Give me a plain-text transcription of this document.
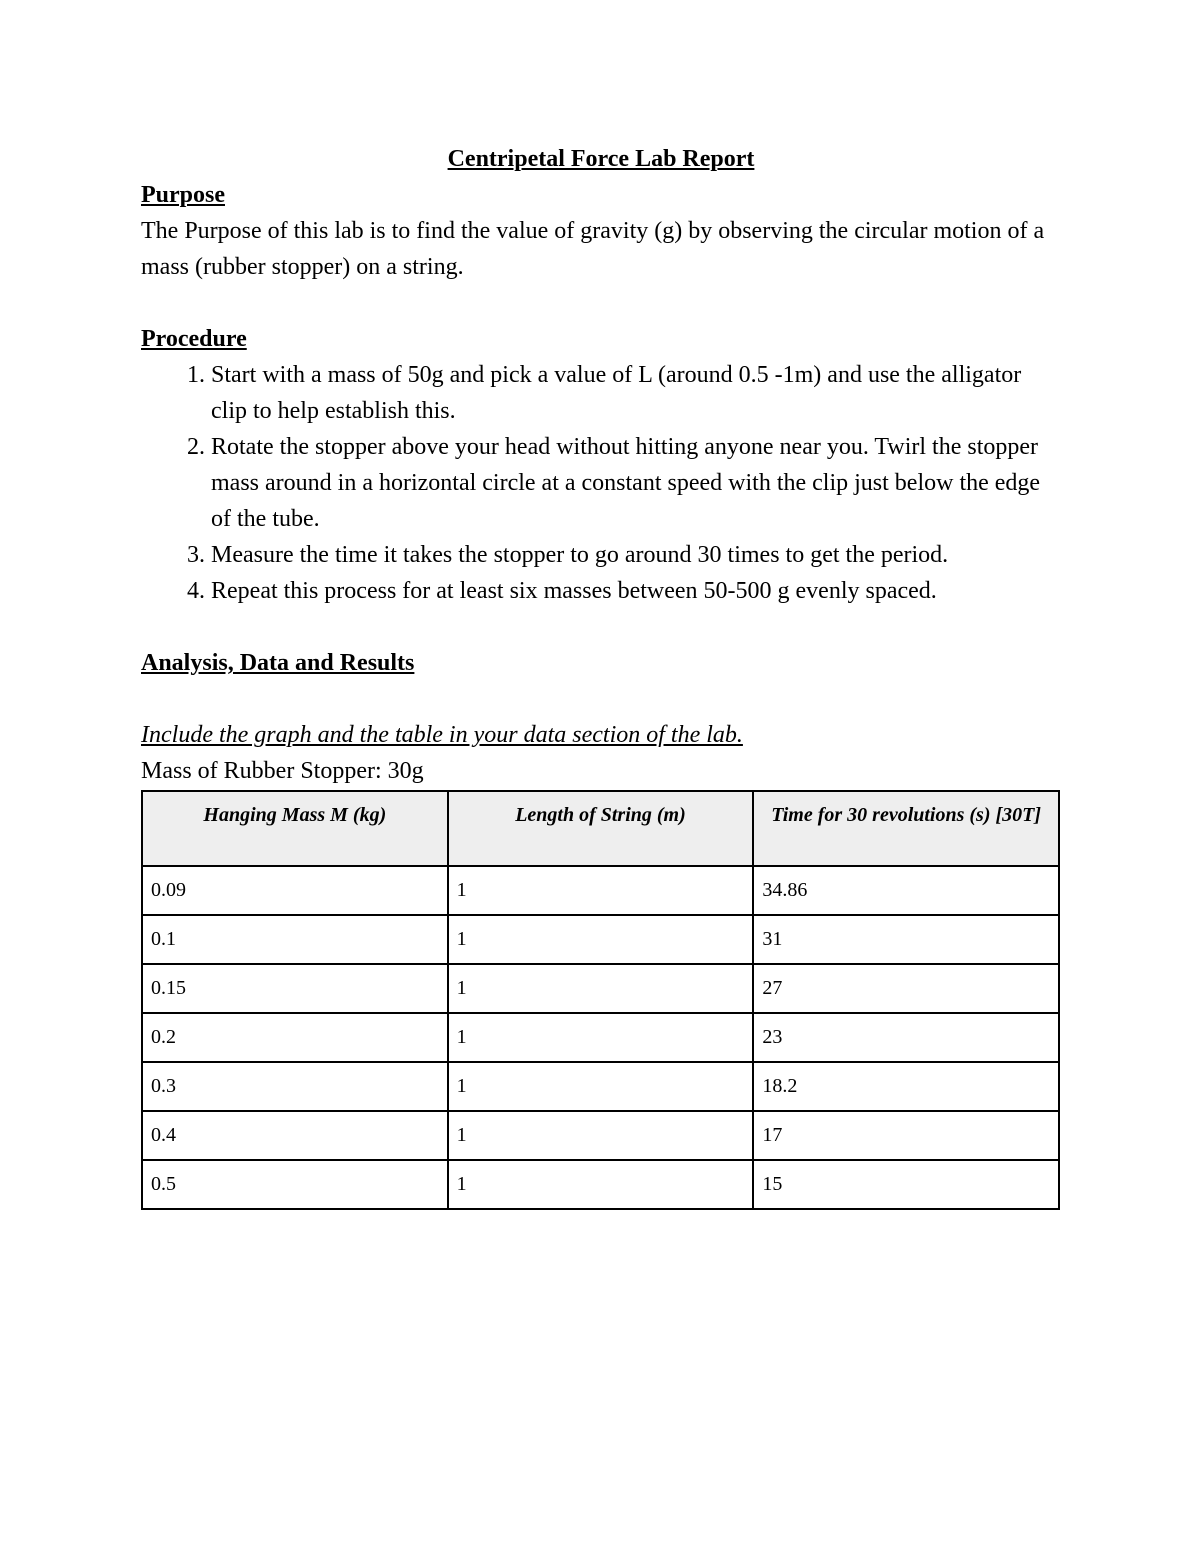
Centripetal Force Lab Report

Purpose

The Purpose of this lab is to find the value of gravity (g) by observing the circular motion of a mass (rubber stopper) on a string.

Procedure

1. Start with a mass of 50g and pick a value of L (around 0.5 -1m) and use the alligator clip to help establish this.
2. Rotate the stopper above your head without hitting anyone near you. Twirl the stopper mass around in a horizontal circle at a constant speed with the clip just below the edge of the tube.
3. Measure the time it takes the stopper to go around 30 times to get the period.
4. Repeat this process for at least six masses between 50-500 g evenly spaced.

Analysis, Data and Results

Include the graph and the table in your data section of the lab.

Mass of Rubber Stopper: 30g

Hanging Mass M (kg)	Length of String (m)	Time for 30 revolutions (s) [30T]
0.09	1	34.86
0.1	1	31
0.15	1	27
0.2	1	23
0.3	1	18.2
0.4	1	17
0.5	1	15
